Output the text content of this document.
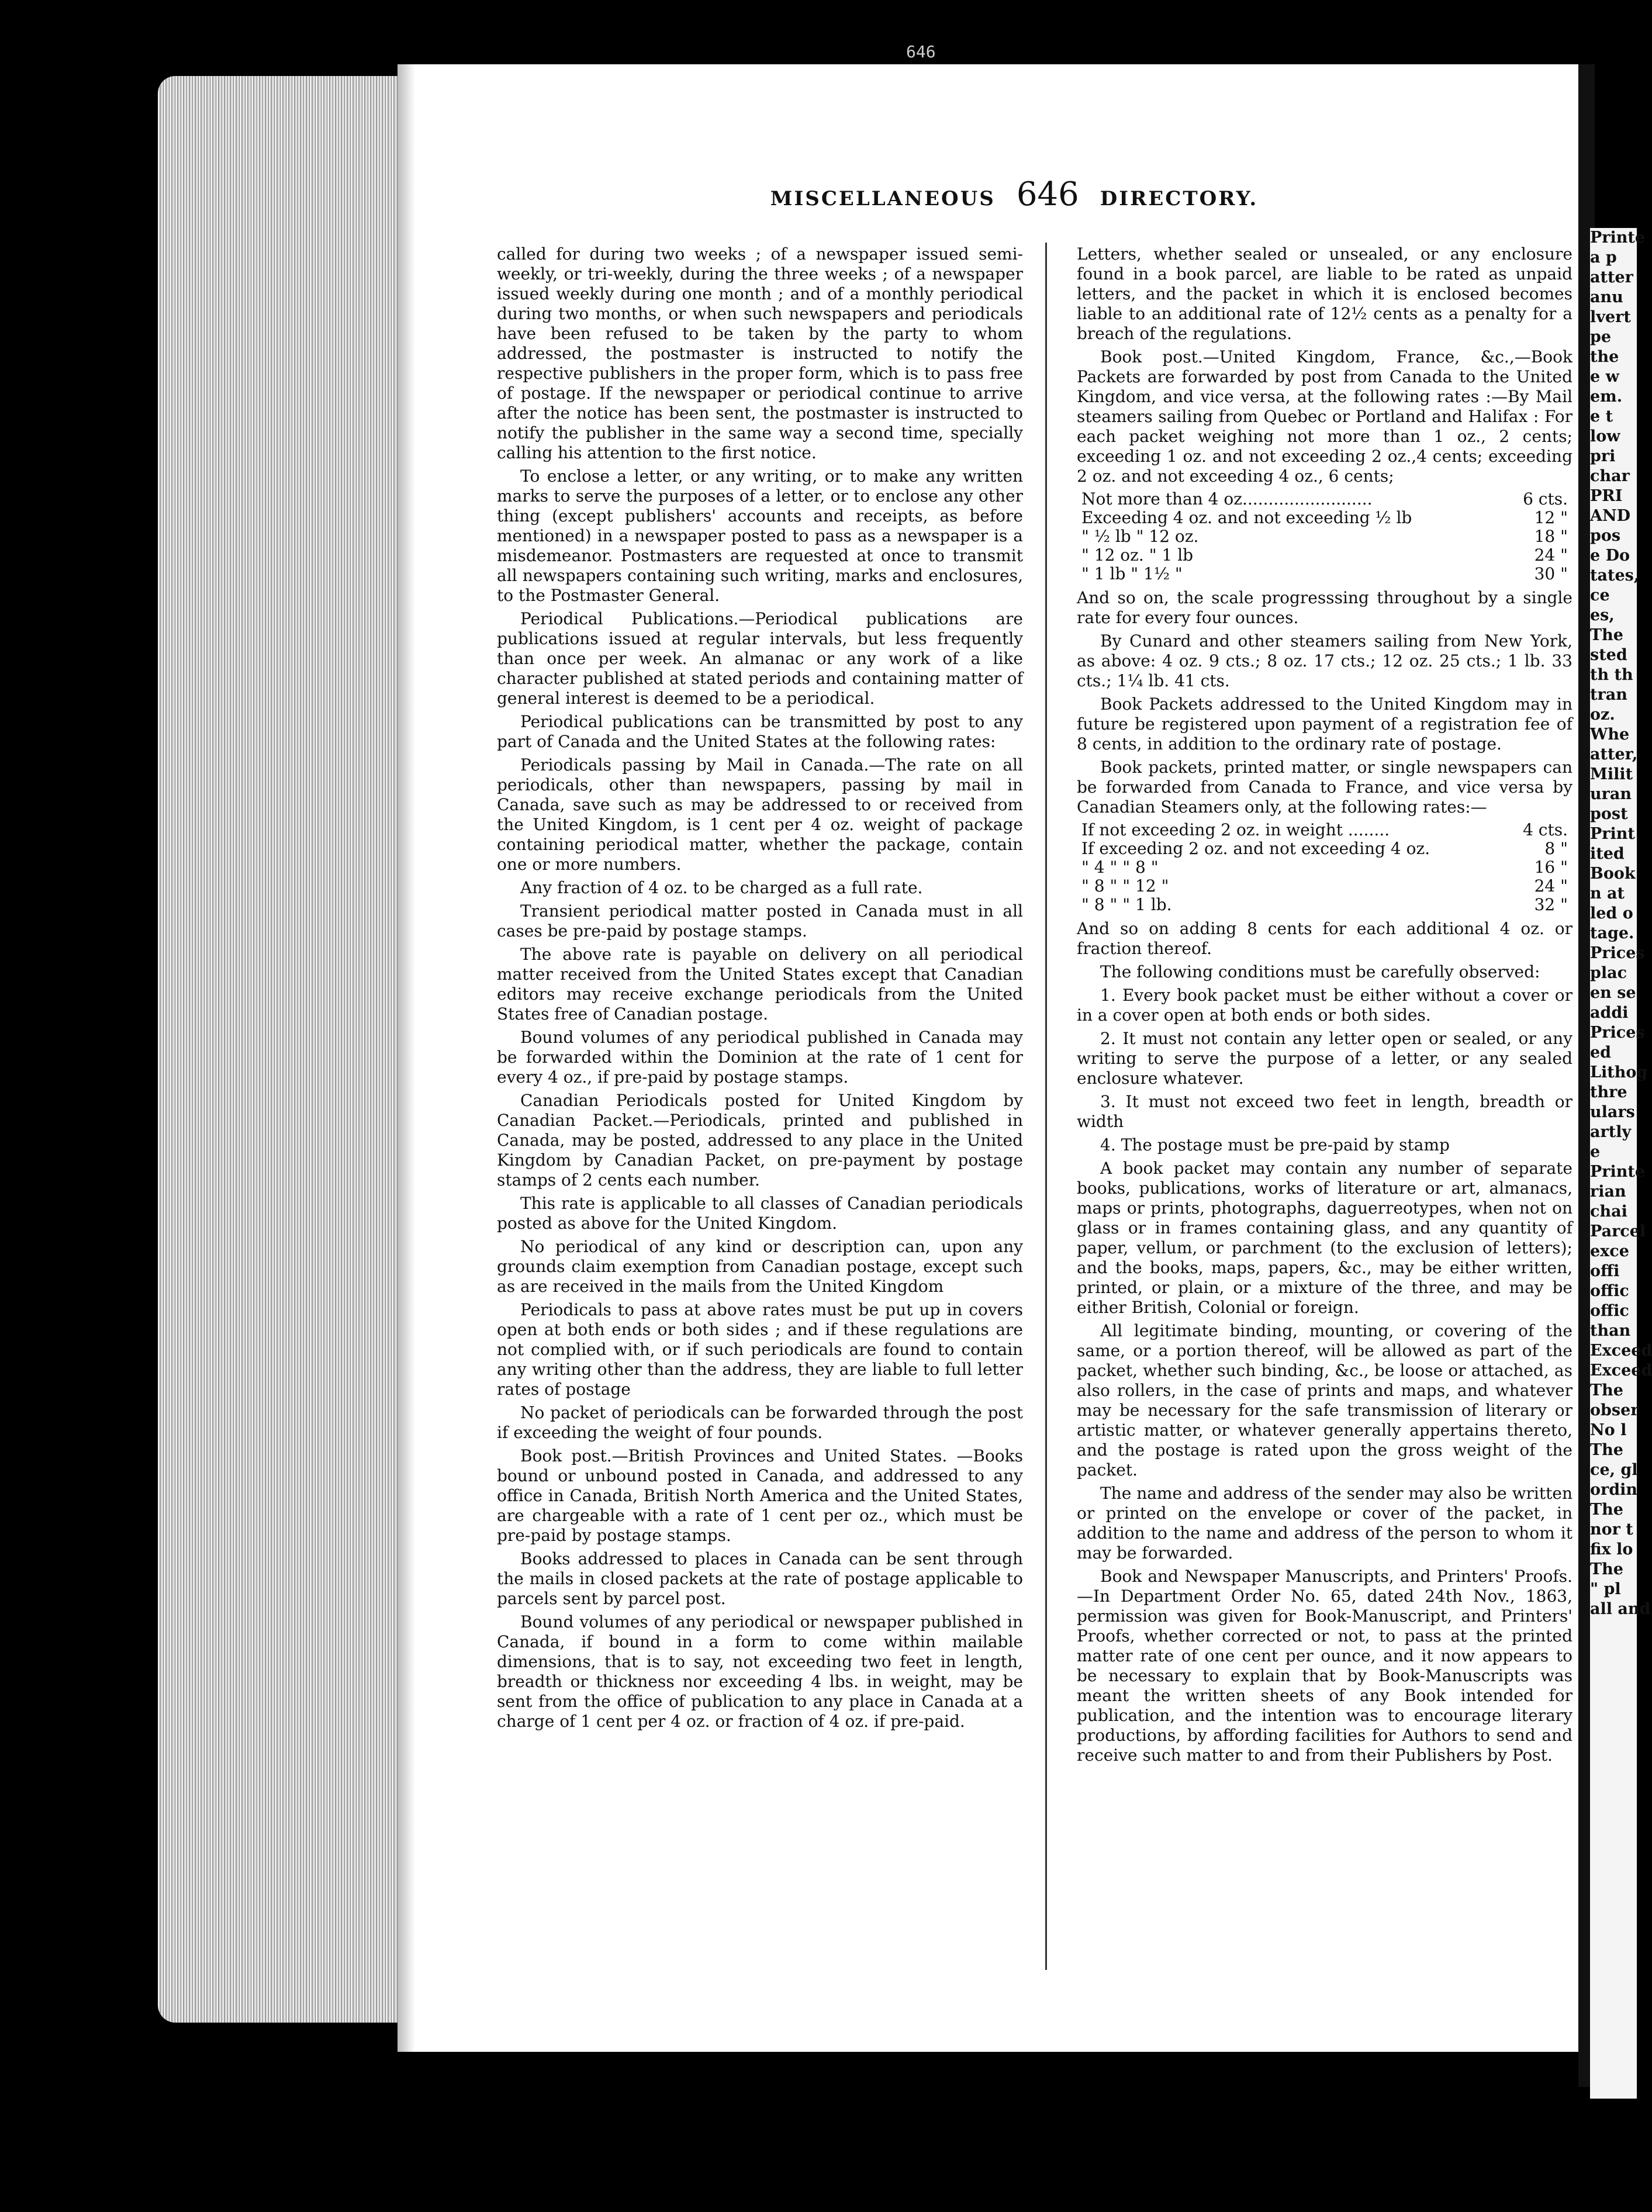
Printe

a p

atter

anu

lvert

pe

the

e w

em.

e t

low

pri

char

PRI

AND

pos

e Do

tates,

ce

es,

The

sted

th th

tran

oz.

Whe

atter,

Milit

uran

post

Print

ited

Book

n at

led o

tage.

Prices

plac

en se

addi

Prices

ed

Lithog

thre

ulars

artly

e

Printe

rian

chai

Parcel

exce

offi

offic

offic

than

Exceed

Exceed

The

obser

No l

The

ce, gl

ordin

The

nor t

fix lo

The

" pl

all and

646
MISCELLANEOUS 646 DIRECTORY.

called for during two weeks ; of a newspaper issued semi-weekly, or tri-weekly, during the three weeks ; of a newspaper issued weekly during one month ; and of a monthly periodical during two months, or when such newspapers and periodicals have been refused to be taken by the party to whom addressed, the postmaster is instructed to notify the respective publishers in the proper form, which is to pass free of postage. If the newspaper or periodical continue to arrive after the notice has been sent, the postmaster is instructed to notify the publisher in the same way a second time, specially calling his attention to the first notice.

To enclose a letter, or any writing, or to make any written marks to serve the purposes of a letter, or to enclose any other thing (except publishers' accounts and receipts, as before mentioned) in a newspaper posted to pass as a newspaper is a misdemeanor. Postmasters are requested at once to transmit all newspapers containing such writing, marks and enclosures, to the Postmaster General.

Periodical Publications.—Periodical publications are publications issued at regular intervals, but less frequently than once per week. An almanac or any work of a like character published at stated periods and containing matter of general interest is deemed to be a periodical.

Periodical publications can be transmitted by post to any part of Canada and the United States at the following rates:

Periodicals passing by Mail in Canada.—The rate on all periodicals, other than newspapers, passing by mail in Canada, save such as may be addressed to or received from the United Kingdom, is 1 cent per 4 oz. weight of package containing periodical matter, whether the package, contain one or more numbers.

Any fraction of 4 oz. to be charged as a full rate.

Transient periodical matter posted in Canada must in all cases be pre-paid by postage stamps.

The above rate is payable on delivery on all periodical matter received from the United States except that Canadian editors may receive exchange periodicals from the United States free of Canadian postage.

Bound volumes of any periodical published in Canada may be forwarded within the Dominion at the rate of 1 cent for every 4 oz., if pre-paid by postage stamps.

Canadian Periodicals posted for United Kingdom by Canadian Packet.—Periodicals, printed and published in Canada, may be posted, addressed to any place in the United Kingdom by Canadian Packet, on pre-payment by postage stamps of 2 cents each number.

This rate is applicable to all classes of Canadian periodicals posted as above for the United Kingdom.

No periodical of any kind or description can, upon any grounds claim exemption from Canadian postage, except such as are received in the mails from the United Kingdom

Periodicals to pass at above rates must be put up in covers open at both ends or both sides ; and if these regulations are not complied with, or if such periodicals are found to contain any writing other than the address, they are liable to full letter rates of postage

No packet of periodicals can be forwarded through the post if exceeding the weight of four pounds.

Book post.—British Provinces and United States. —Books bound or unbound posted in Canada, and addressed to any office in Canada, British North America and the United States, are chargeable with a rate of 1 cent per oz., which must be pre-paid by postage stamps.

Books addressed to places in Canada can be sent through the mails in closed packets at the rate of postage applicable to parcels sent by parcel post.

Bound volumes of any periodical or newspaper published in Canada, if bound in a form to come within mailable dimensions, that is to say, not exceeding two feet in length, breadth or thickness nor exceeding 4 lbs. in weight, may be sent from the office of publication to any place in Canada at a charge of 1 cent per 4 oz. or fraction of 4 oz. if pre-paid.

Letters, whether sealed or unsealed, or any enclosure found in a book parcel, are liable to be rated as unpaid letters, and the packet in which it is enclosed becomes liable to an additional rate of 12½ cents as a penalty for a breach of the regulations.

Book post.—United Kingdom, France, &c.,—Book Packets are forwarded by post from Canada to the United Kingdom, and vice versa, at the following rates :—By Mail steamers sailing from Quebec or Portland and Halifax : For each packet weighing not more than 1 oz., 2 cents; exceeding 1 oz. and not exceeding 2 oz.,4 cents; exceeding 2 oz. and not exceeding 4 oz., 6 cents;

Not more than 4 oz.........................	6 cts.
Exceeding 4 oz. and not exceeding ½ lb	12 "
" ½ lb " 12 oz.	18 "
" 12 oz. " 1 lb	24 "
" 1 lb " 1½ "	30 "

And so on, the scale progresssing throughout by a single rate for every four ounces.

By Cunard and other steamers sailing from New York, as above: 4 oz. 9 cts.; 8 oz. 17 cts.; 12 oz. 25 cts.; 1 lb. 33 cts.; 1¼ lb. 41 cts.

Book Packets addressed to the United Kingdom may in future be registered upon payment of a registration fee of 8 cents, in addition to the ordinary rate of postage.

Book packets, printed matter, or single newspapers can be forwarded from Canada to France, and vice versa by Canadian Steamers only, at the following rates:—

If not exceeding 2 oz. in weight ........	4 cts.
If exceeding 2 oz. and not exceeding 4 oz.	8 "
" 4 " " 8 "	16 "
" 8 " " 12 "	24 "
" 8 " " 1 lb.	32 "

And so on adding 8 cents for each additional 4 oz. or fraction thereof.

The following conditions must be carefully observed:

1. Every book packet must be either without a cover or in a cover open at both ends or both sides.

2. It must not contain any letter open or sealed, or any writing to serve the purpose of a letter, or any sealed enclosure whatever.

3. It must not exceed two feet in length, breadth or width

4. The postage must be pre-paid by stamp

A book packet may contain any number of separate books, publications, works of literature or art, almanacs, maps or prints, photographs, daguerreotypes, when not on glass or in frames containing glass, and any quantity of paper, vellum, or parchment (to the exclusion of letters); and the books, maps, papers, &c., may be either written, printed, or plain, or a mixture of the three, and may be either British, Colonial or foreign.

All legitimate binding, mounting, or covering of the same, or a portion thereof, will be allowed as part of the packet, whether such binding, &c., be loose or attached, as also rollers, in the case of prints and maps, and whatever may be necessary for the safe transmission of literary or artistic matter, or whatever generally appertains thereto, and the postage is rated upon the gross weight of the packet.

The name and address of the sender may also be written or printed on the envelope or cover of the packet, in addition to the name and address of the person to whom it may be forwarded.

Book and Newspaper Manuscripts, and Printers' Proofs.—In Department Order No. 65, dated 24th Nov., 1863, permission was given for Book-Manuscript, and Printers' Proofs, whether corrected or not, to pass at the printed matter rate of one cent per ounce, and it now appears to be necessary to explain that by Book-Manuscripts was meant the written sheets of any Book intended for publication, and the intention was to encourage literary productions, by affording facilities for Authors to send and receive such matter to and from their Publishers by Post.
